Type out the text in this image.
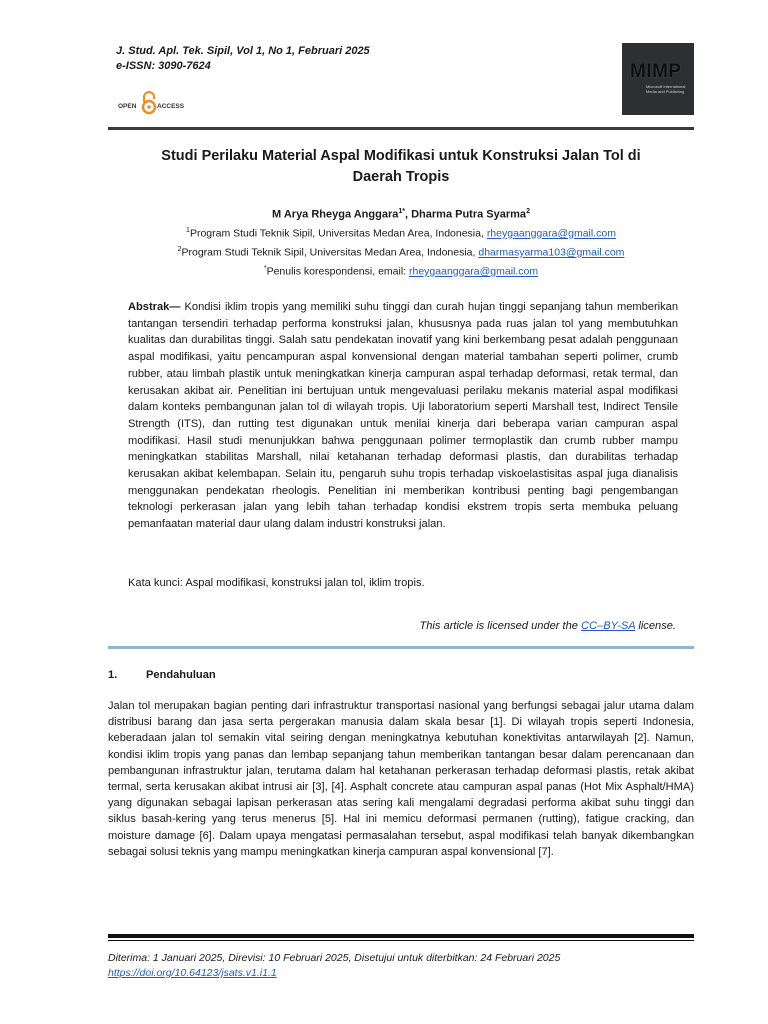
J. Stud. Apl. Tek. Sipil, Vol 1, No 1, Februari 2025
e-ISSN: 3090-7624
OPEN	ACCESS
MIMP
Microsoft International Media and Publishing
Studi Perilaku Material Aspal Modifikasi untuk Konstruksi Jalan Tol di
Daerah Tropis
M Arya Rheyga Anggara$^{1*}$, Dharma Putra Syarma$^2$
$^1$Program Studi Teknik Sipil, Universitas Medan Area, Indonesia, rheygaanggara@gmail.com
$^2$Program Studi Teknik Sipil, Universitas Medan Area, Indonesia, dharmasyarma103@gmail.com
*Penulis korespondensi, email: rheygaanggara@gmail.com
Abstrak— Kondisi iklim tropis yang memiliki suhu tinggi dan curah hujan tinggi sepanjang tahun memberikan tantangan tersendiri terhadap performa konstruksi jalan, khususnya pada ruas jalan tol yang membutuhkan kualitas dan durabilitas tinggi. Salah satu pendekatan inovatif yang kini berkembang pesat adalah penggunaan aspal modifikasi, yaitu pencampuran aspal konvensional dengan material tambahan seperti polimer, crumb rubber, atau limbah plastik untuk meningkatkan kinerja campuran aspal terhadap deformasi, retak termal, dan kerusakan akibat air. Penelitian ini bertujuan untuk mengevaluasi perilaku mekanis material aspal modifikasi dalam konteks pembangunan jalan tol di wilayah tropis. Uji laboratorium seperti Marshall test, Indirect Tensile Strength (ITS), dan rutting test digunakan untuk menilai kinerja dari beberapa varian campuran aspal modifikasi. Hasil studi menunjukkan bahwa penggunaan polimer termoplastik dan crumb rubber mampu meningkatkan stabilitas Marshall, nilai ketahanan terhadap deformasi plastis, dan durabilitas terhadap kerusakan akibat kelembapan. Selain itu, pengaruh suhu tropis terhadap viskoelastisitas aspal juga dianalisis menggunakan pendekatan rheologis. Penelitian ini memberikan kontribusi penting bagi pengembangan teknologi perkerasan jalan yang lebih tahan terhadap kondisi ekstrem tropis serta membuka peluang pemanfaatan material daur ulang dalam industri konstruksi jalan.
Kata kunci: Aspal modifikasi, konstruksi jalan tol, iklim tropis.
This article is licensed under the CC–BY-SA license.
1.	Pendahuluan
Jalan tol merupakan bagian penting dari infrastruktur transportasi nasional yang berfungsi sebagai jalur utama dalam distribusi barang dan jasa serta pergerakan manusia dalam skala besar [1]. Di wilayah tropis seperti Indonesia, keberadaan jalan tol semakin vital seiring dengan meningkatnya kebutuhan konektivitas antarwilayah [2]. Namun, kondisi iklim tropis yang panas dan lembap sepanjang tahun memberikan tantangan besar dalam perencanaan dan pembangunan infrastruktur jalan, terutama dalam hal ketahanan perkerasan terhadap deformasi plastis, retak akibat termal, serta kerusakan akibat intrusi air [3], [4]. Asphalt concrete atau campuran aspal panas (Hot Mix Asphalt/HMA) yang digunakan sebagai lapisan perkerasan atas sering kali mengalami degradasi performa akibat suhu tinggi dan siklus basah-kering yang terus menerus [5]. Hal ini memicu deformasi permanen (rutting), fatigue cracking, dan moisture damage [6]. Dalam upaya mengatasi permasalahan tersebut, aspal modifikasi telah banyak dikembangkan sebagai solusi teknis yang mampu meningkatkan kinerja campuran aspal konvensional [7].
Diterima: 1 Januari 2025, Direvisi: 10 Februari 2025, Disetujui untuk diterbitkan: 24 Februari 2025
https://doi.org/10.64123/jsats.v1.i1.1
